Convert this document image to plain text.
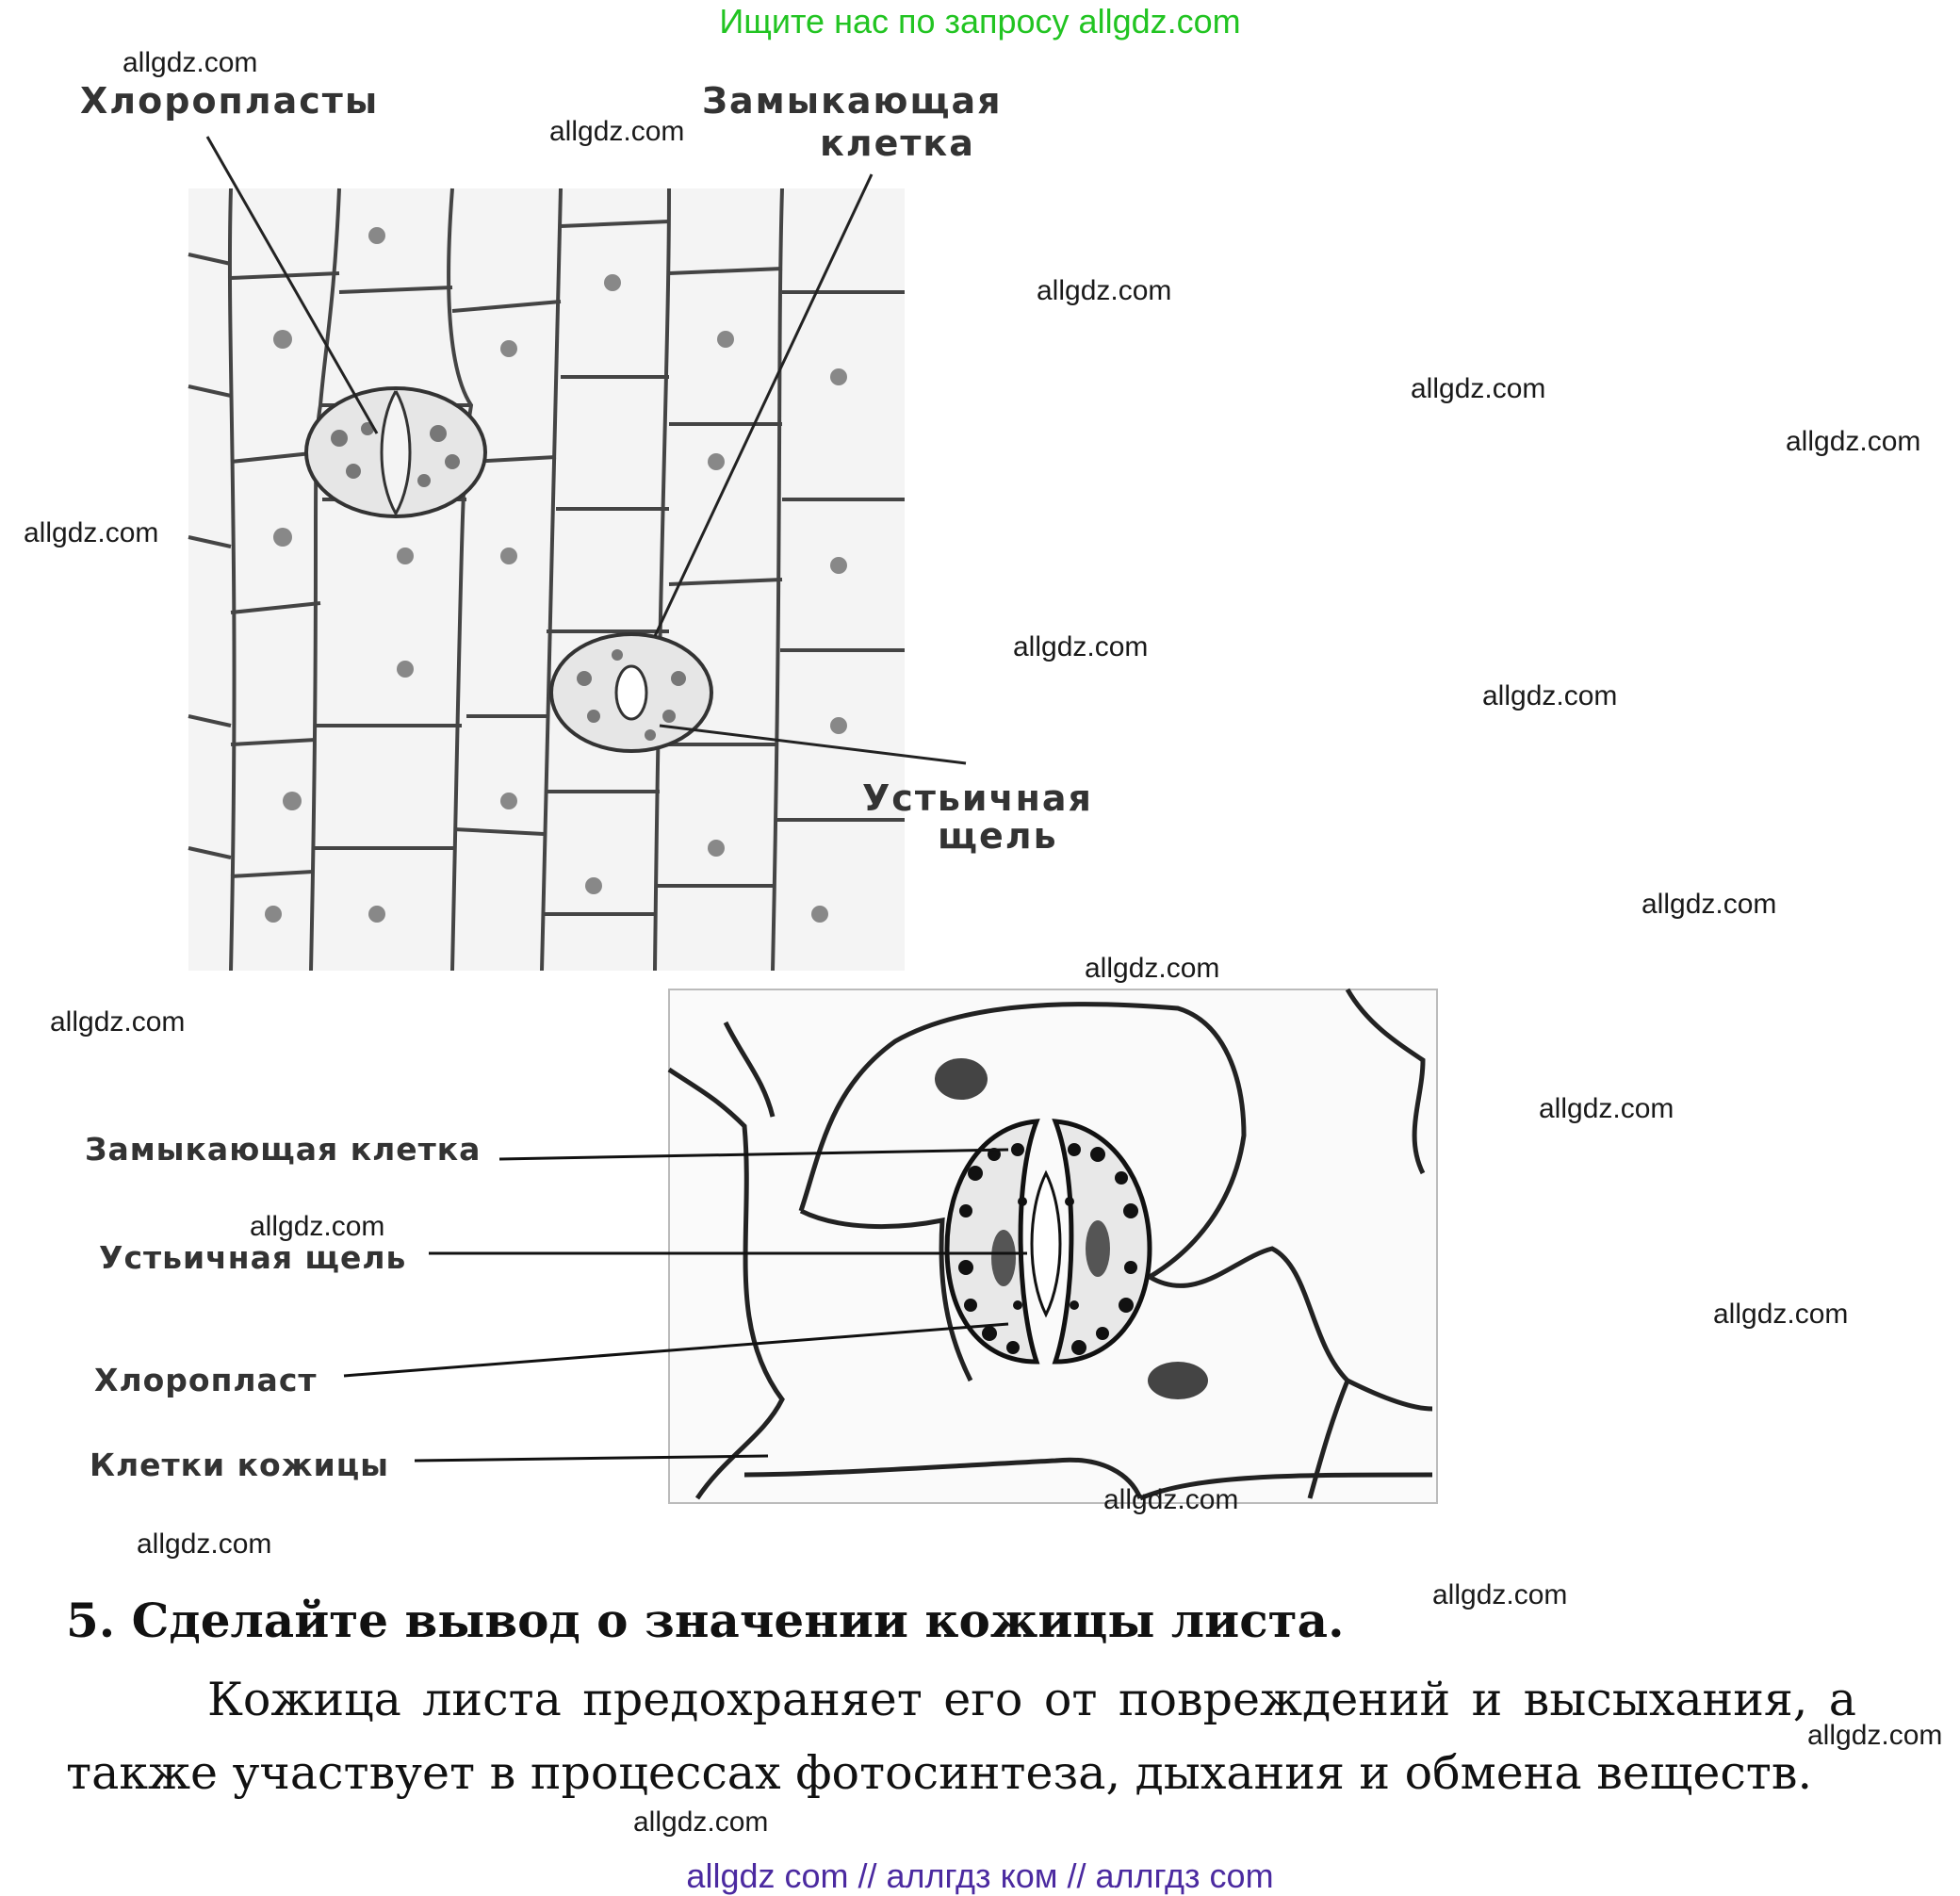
Ищите нас по запросу allgdz.com
Хлоропласты	Замыкающая
клетка
Устьичная
щель
Замыкающая клетка
Устьичная щель
Хлоропласт
Клетки кожицы
5. Сделайте вывод о значении кожицы листа.
Кожица листа предохраняет его от повреждений и высыхания, а также участвует в процессах фотосинтеза, дыхания и обмена веществ.
allgdz.com
allgdz.com
allgdz.com
allgdz.com
allgdz.com
allgdz.com
allgdz.com
allgdz.com
allgdz.com
allgdz.com
allgdz.com
allgdz.com
allgdz.com
allgdz.com
allgdz.com
allgdz.com
allgdz.com
allgdz.com
allgdz.com
allgdz com // аллгдз ком // аллгдз com
